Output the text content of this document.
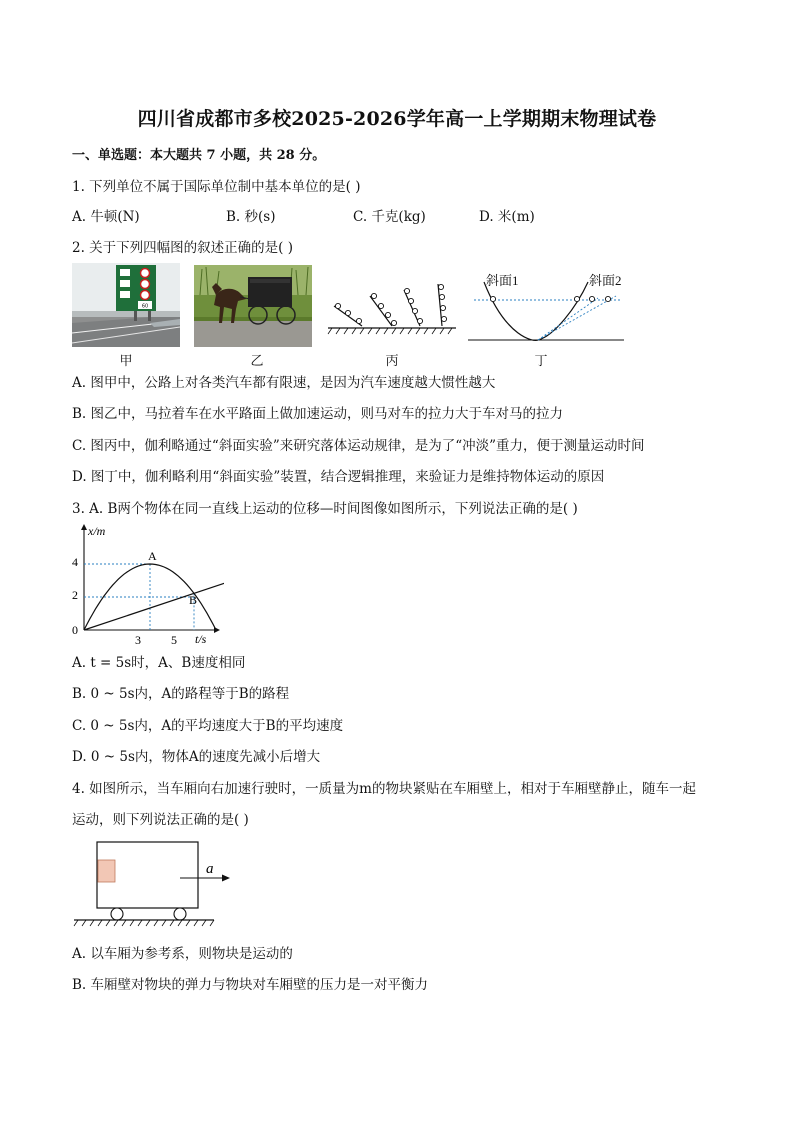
四川省成都市多校2025-2026学年高一上学期期末物理试卷
一、单选题：本大题共 7 小题，共 28 分。
1. 下列单位不属于国际单位制中基本单位的是( )
A. 牛顿(N)	B. 秒(s)	C. 千克(kg)	D. 米(m)
2. 关于下列四幅图的叙述正确的是( )
60
甲	乙	丙
斜面1	斜面2
丁
A. 图甲中，公路上对各类汽车都有限速，是因为汽车速度越大惯性越大
B. 图乙中，马拉着车在水平路面上做加速运动，则马对车的拉力大于车对马的拉力
C. 图丙中，伽利略通过“斜面实验”来研究落体运动规律，是为了“冲淡”重力，便于测量运动时间
D. 图丁中，伽利略利用“斜面实验”装置，结合逻辑推理，来验证力是维持物体运动的原因
3. A. B两个物体在同一直线上运动的位移—时间图像如图所示，下列说法正确的是( )
x/m
t/s
4
2
0
3	5
A
B
A. t = 5s时，A、B速度相同
B. 0 ~ 5s内，A的路程等于B的路程
C. 0 ~ 5s内，A的平均速度大于B的平均速度
D. 0 ~ 5s内，物体A的速度先减小后增大
4. 如图所示，当车厢向右加速行驶时，一质量为m的物块紧贴在车厢壁上，相对于车厢壁静止，随车一起
运动，则下列说法正确的是( )
a
A. 以车厢为参考系，则物块是运动的
B. 车厢壁对物块的弹力与物块对车厢壁的压力是一对平衡力
